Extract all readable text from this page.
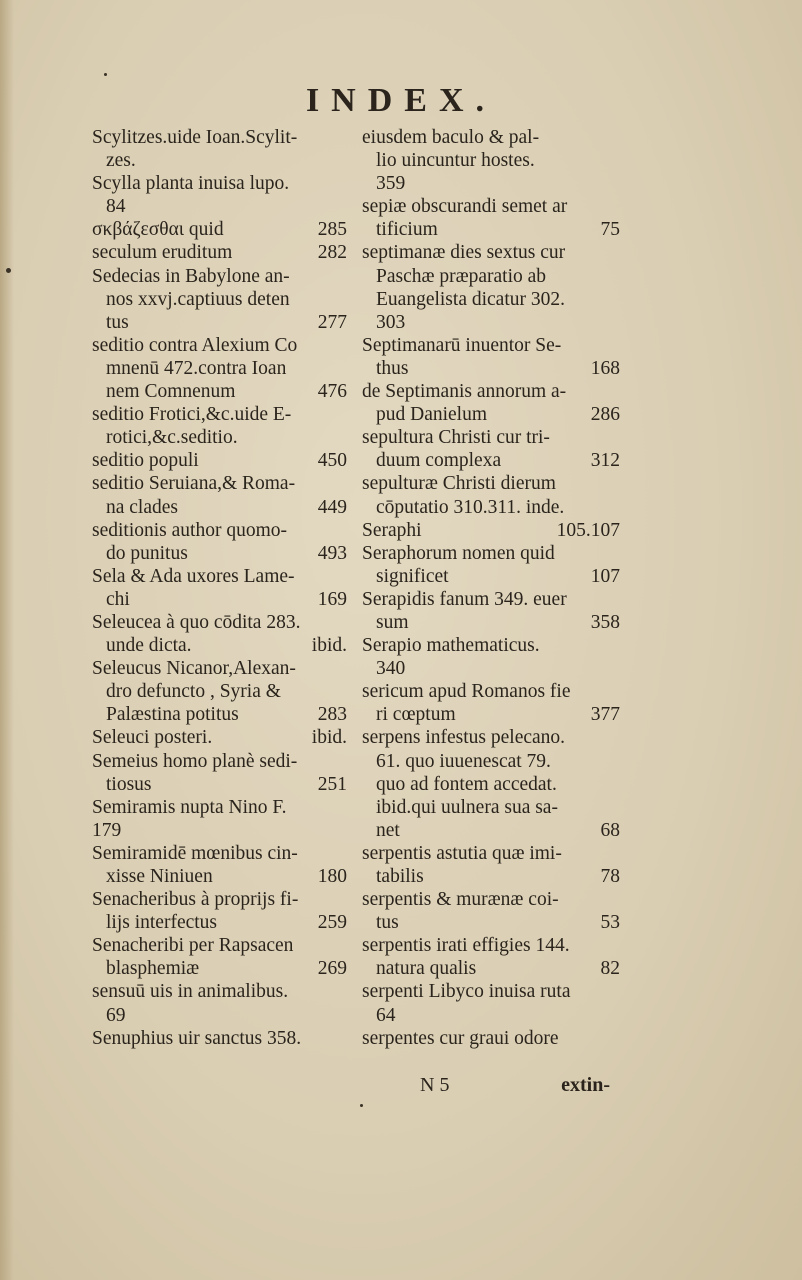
INDEX.
Scylitzes.uide Ioan.Scylit-
zes.
Scylla planta inuisa lupo.
84
σκβάζεσθαι quid	285
seculum eruditum	282
Sedecias in Babylone an-
nos xxvj.captiuus deten
tus	277
seditio contra Alexium Co
mnenū 472.contra Ioan
nem Comnenum	476
seditio Frotici,&c.uide E-
rotici,&c.seditio.
seditio populi	450
seditio Seruiana,& Roma-
na clades	449
seditionis author quomo-
do punitus	493
Sela & Ada uxores Lame-
chi	169
Seleucea à quo cōdita 283.
unde dicta.	ibid.
Seleucus Nicanor,Alexan-
dro defuncto , Syria &
Palæstina potitus	283
Seleuci posteri.	ibid.
Semeius homo planè sedi-
tiosus	251
Semiramis nupta Nino F.
179
Semiramidē mœnibus cin-
xisse Niniuen	180
Senacheribus à proprijs fi-
lijs interfectus	259
Senacheribi per Rapsacen
blasphemiæ	269
sensuū uis in animalibus.
69
Senuphius uir sanctus 358.
eiusdem baculo & pal-
lio uincuntur hostes.
359
sepiæ obscurandi semet ar
tificium	75
septimanæ dies sextus cur
Paschæ præparatio ab
Euangelista dicatur 302.
303
Septimanarū inuentor Se-
thus	168
de Septimanis annorum a-
pud Danielum	286
sepultura Christi cur tri-
duum complexa	312
sepulturæ Christi dierum
cōputatio 310.311. inde.
Seraphi	105.107
Seraphorum nomen quid
significet	107
Serapidis fanum 349. euer
sum	358
Serapio mathematicus.
340
sericum apud Romanos fie
ri cœptum	377
serpens infestus pelecano.
61. quo iuuenescat 79.
quo ad fontem accedat.
ibid.qui uulnera sua sa-
net	68
serpentis astutia quæ imi-
tabilis	78
serpentis & murænæ coi-
tus	53
serpentis irati effigies 144.
natura qualis	82
serpenti Libyco inuisa ruta
64
serpentes cur graui odore
N 5	extin-
